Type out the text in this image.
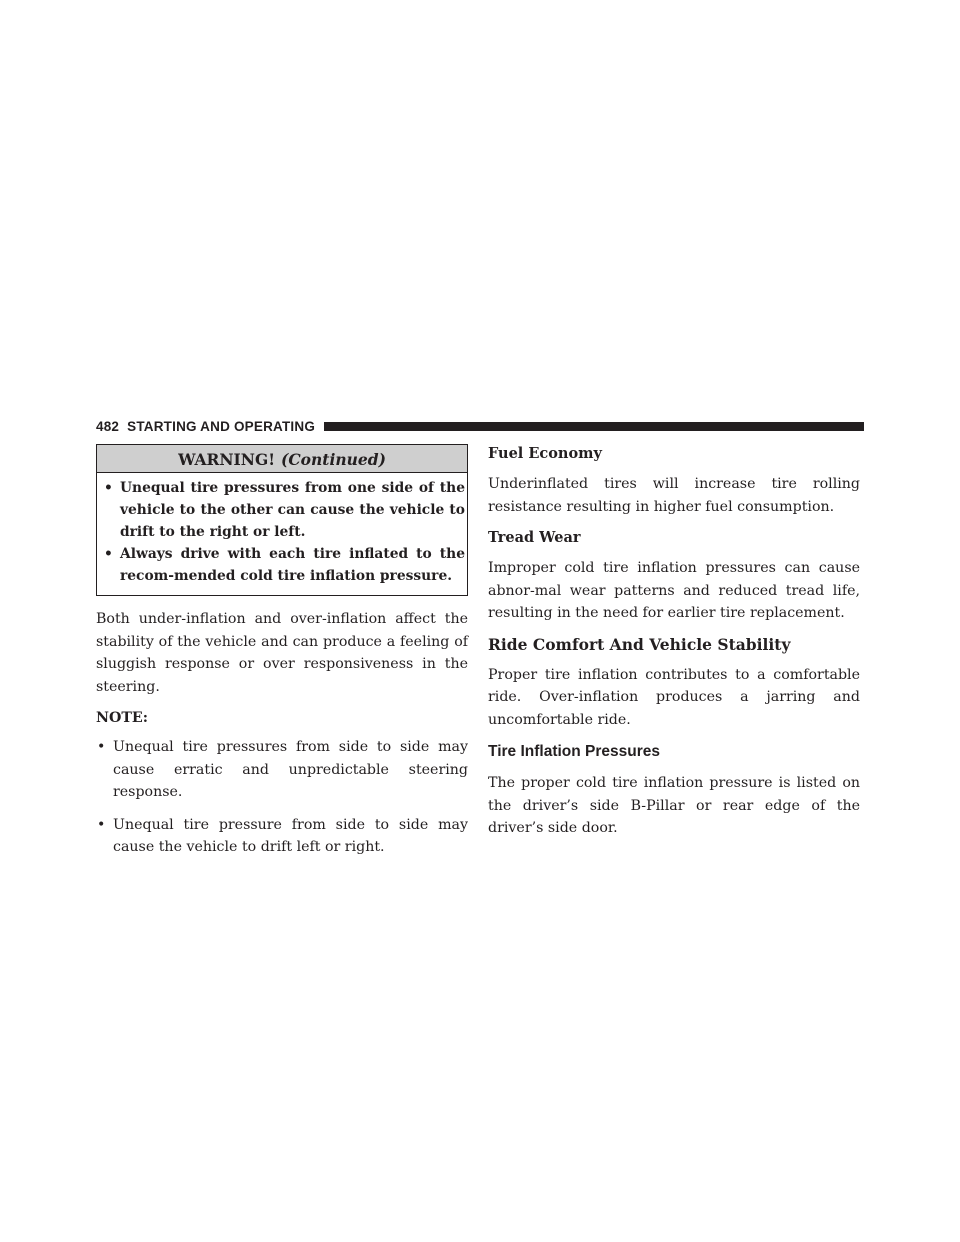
482 STARTING AND OPERATING
WARNING! (Continued)
• Unequal tire pressures from one side of the vehicle to the other can cause the vehicle to drift to the right or left.
• Always drive with each tire inflated to the recom-mended cold tire inflation pressure.

Both under-inflation and over-inflation affect the stability of the vehicle and can produce a feeling of sluggish response or over responsiveness in the steering.

NOTE:
• Unequal tire pressures from side to side may cause erratic and unpredictable steering response.
• Unequal tire pressure from side to side may cause the vehicle to drift left or right.
Fuel Economy

Underinflated tires will increase tire rolling resistance resulting in higher fuel consumption.

Tread Wear

Improper cold tire inflation pressures can cause abnor-mal wear patterns and reduced tread life, resulting in the need for earlier tire replacement.

Ride Comfort And Vehicle Stability

Proper tire inflation contributes to a comfortable ride. Over-inflation produces a jarring and uncomfortable ride.

Tire Inflation Pressures

The proper cold tire inflation pressure is listed on the driver’s side B-Pillar or rear edge of the driver’s side door.
